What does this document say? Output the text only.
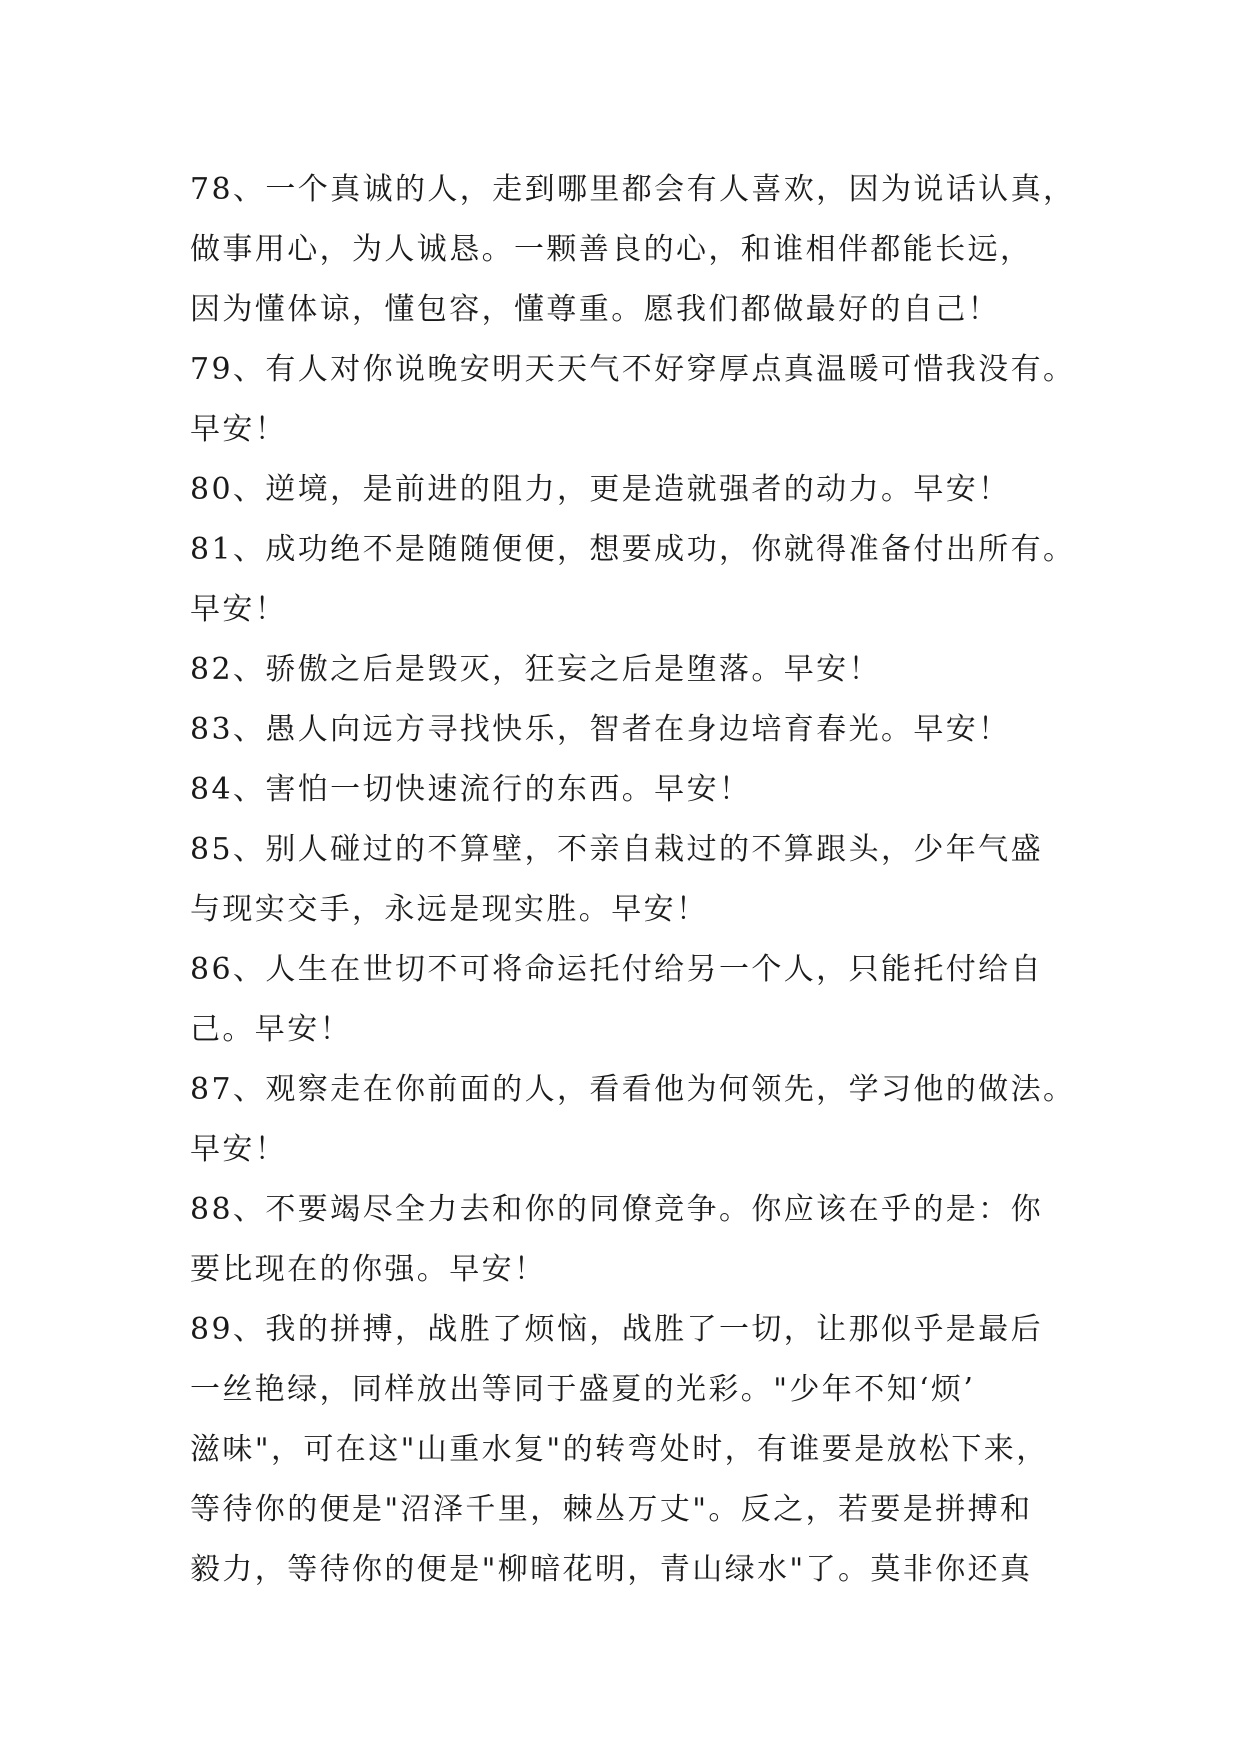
78、一个真诚的人，走到哪里都会有人喜欢，因为说话认真，
做事用心，为人诚恳。一颗善良的心，和谁相伴都能长远，
因为懂体谅，懂包容，懂尊重。愿我们都做最好的自己！
79、有人对你说晚安明天天气不好穿厚点真温暖可惜我没有。
早安！
80、逆境，是前进的阻力，更是造就强者的动力。早安！
81、成功绝不是随随便便，想要成功，你就得准备付出所有。
早安！
82、骄傲之后是毁灭，狂妄之后是堕落。早安！
83、愚人向远方寻找快乐，智者在身边培育春光。早安！
84、害怕一切快速流行的东西。早安！
85、别人碰过的不算壁，不亲自栽过的不算跟头，少年气盛
与现实交手，永远是现实胜。早安！
86、人生在世切不可将命运托付给另一个人，只能托付给自
己。早安！
87、观察走在你前面的人，看看他为何领先，学习他的做法。
早安！
88、不要竭尽全力去和你的同僚竞争。你应该在乎的是：你
要比现在的你强。早安！
89、我的拼搏，战胜了烦恼，战胜了一切，让那似乎是最后
一丝艳绿，同样放出等同于盛夏的光彩。"少年不知‘烦’
滋味"，可在这"山重水复"的转弯处时，有谁要是放松下来，
等待你的便是"沼泽千里，棘丛万丈"。反之，若要是拼搏和
毅力，等待你的便是"柳暗花明，青山绿水"了。莫非你还真
